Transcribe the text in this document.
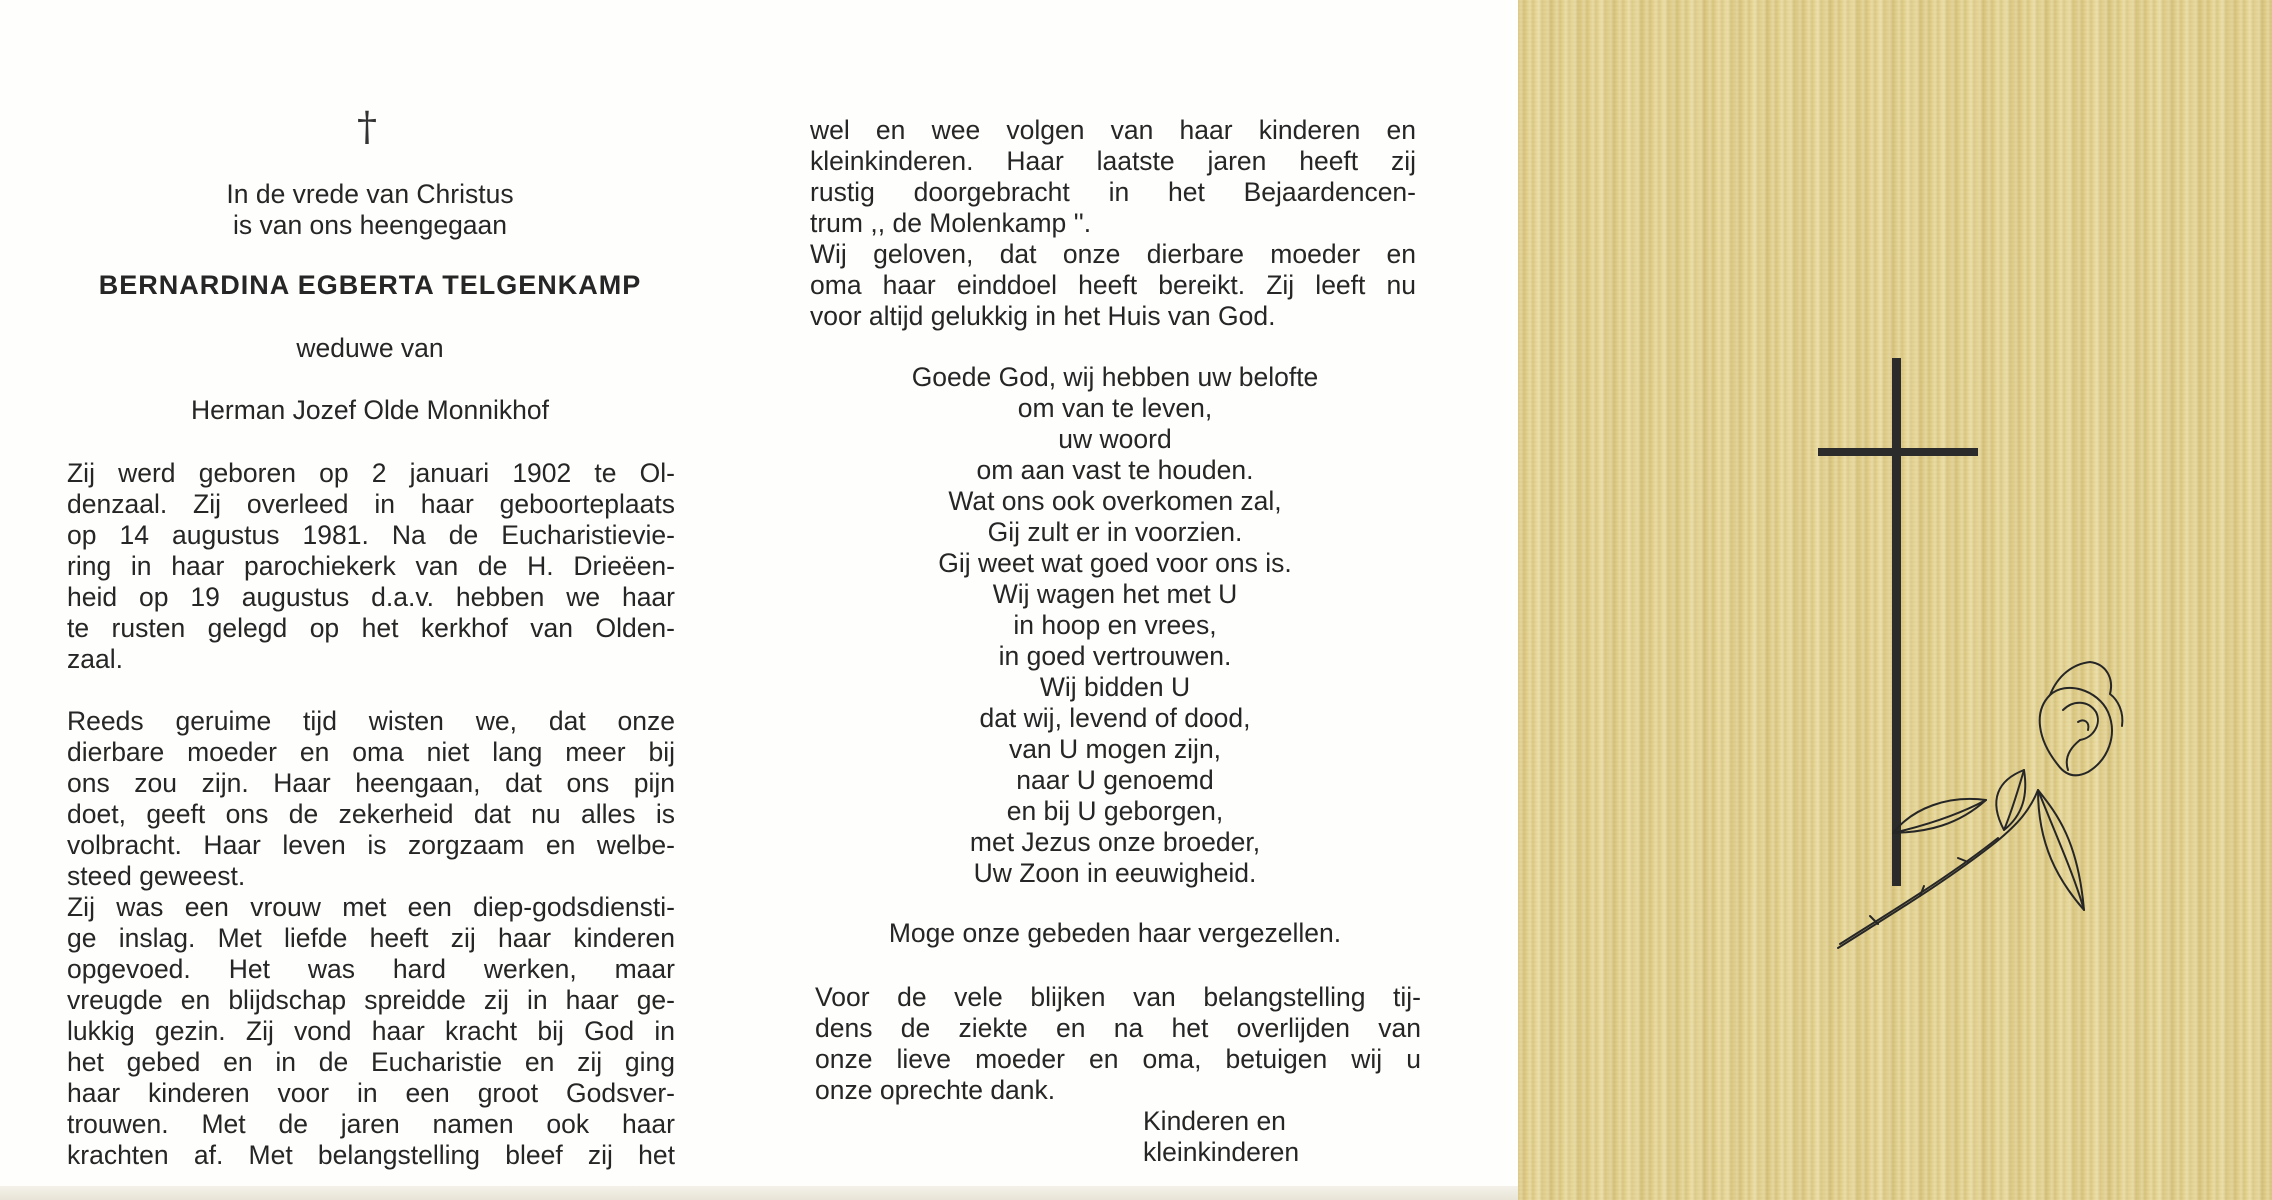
†
In de vrede van Christus
is van ons heengegaan
BERNARDINA EGBERTA TELGENKAMP
weduwe van
Herman Jozef Olde Monnikhof
Zij werd geboren op 2 januari 1902 te Ol-
denzaal. Zij overleed in haar geboorteplaats
op 14 augustus 1981. Na de Eucharistievie-
ring in haar parochiekerk van de H. Drieëen-
heid op 19 augustus d.a.v. hebben we haar
te rusten gelegd op het kerkhof van Olden-
zaal.
Reeds geruime tijd wisten we, dat onze
dierbare moeder en oma niet lang meer bij
ons zou zijn. Haar heengaan, dat ons pijn
doet, geeft ons de zekerheid dat nu alles is
volbracht. Haar leven is zorgzaam en welbe-
steed geweest.
Zij was een vrouw met een diep-godsdiensti-
ge inslag. Met liefde heeft zij haar kinderen
opgevoed. Het was hard werken, maar
vreugde en blijdschap spreidde zij in haar ge-
lukkig gezin. Zij vond haar kracht bij God in
het gebed en in de Eucharistie en zij ging
haar kinderen voor in een groot Godsver-
trouwen. Met de jaren namen ook haar
krachten af. Met belangstelling bleef zij het
wel en wee volgen van haar kinderen en
kleinkinderen. Haar laatste jaren heeft zij
rustig doorgebracht in het Bejaardencen-
trum ,, de Molenkamp ''.
Wij geloven, dat onze dierbare moeder en
oma haar einddoel heeft bereikt. Zij leeft nu
voor altijd gelukkig in het Huis van God.
Goede God, wij hebben uw belofte
om van te leven,
uw woord
om aan vast te houden.
Wat ons ook overkomen zal,
Gij zult er in voorzien.
Gij weet wat goed voor ons is.
Wij wagen het met U
in hoop en vrees,
in goed vertrouwen.
Wij bidden U
dat wij, levend of dood,
van U mogen zijn,
naar U genoemd
en bij U geborgen,
met Jezus onze broeder,
Uw Zoon in eeuwigheid.
Moge onze gebeden haar vergezellen.
Voor de vele blijken van belangstelling tij-
dens de ziekte en na het overlijden van
onze lieve moeder en oma, betuigen wij u
onze oprechte dank.
Kinderen en
kleinkinderen
